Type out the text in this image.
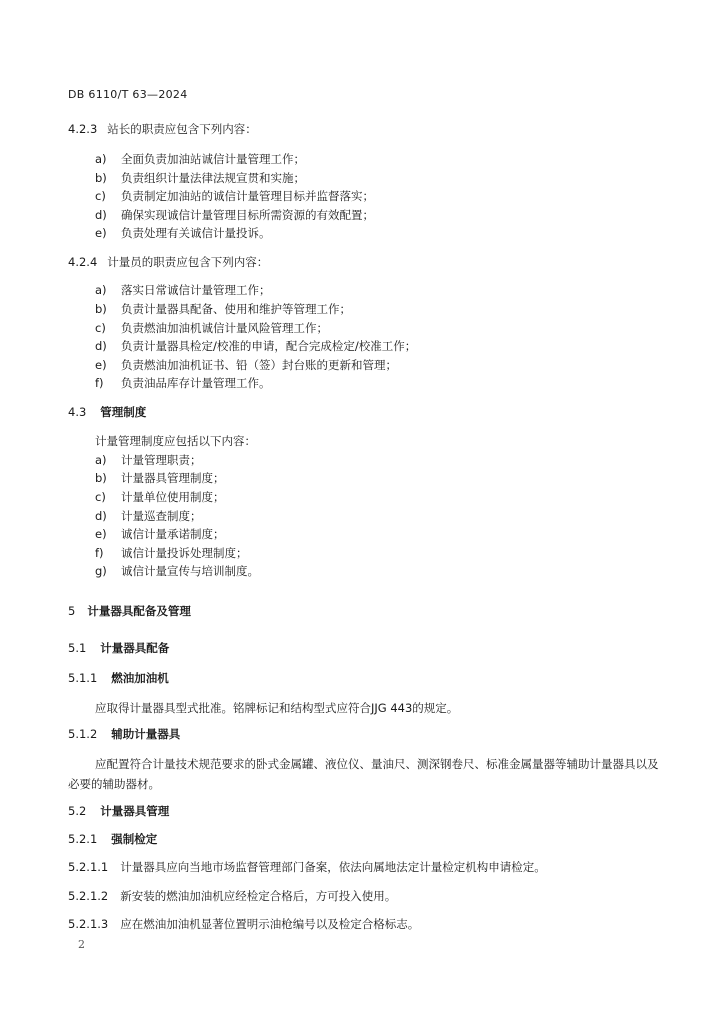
DB 6110/T 63—2024
4.2.3 站长的职责应包含下列内容：
a) 全面负责加油站诚信计量管理工作；
b) 负责组织计量法律法规宣贯和实施；
c) 负责制定加油站的诚信计量管理目标并监督落实；
d) 确保实现诚信计量管理目标所需资源的有效配置；
e) 负责处理有关诚信计量投诉。
4.2.4 计量员的职责应包含下列内容：
a) 落实日常诚信计量管理工作；
b) 负责计量器具配备、使用和维护等管理工作；
c) 负责燃油加油机诚信计量风险管理工作；
d) 负责计量器具检定/校准的申请，配合完成检定/校准工作；
e) 负责燃油加油机证书、铅（签）封台账的更新和管理；
f) 负责油品库存计量管理工作。
4.3 管理制度
计量管理制度应包括以下内容：
a) 计量管理职责；
b) 计量器具管理制度；
c) 计量单位使用制度；
d) 计量巡查制度；
e) 诚信计量承诺制度；
f) 诚信计量投诉处理制度；
g) 诚信计量宣传与培训制度。
5 计量器具配备及管理
5.1 计量器具配备
5.1.1 燃油加油机
应取得计量器具型式批准。铭牌标记和结构型式应符合JJG 443的规定。
5.1.2 辅助计量器具
应配置符合计量技术规范要求的卧式金属罐、液位仪、量油尺、测深钢卷尺、标准金属量器等辅助计量器具以及必要的辅助器材。
5.2 计量器具管理
5.2.1 强制检定
5.2.1.1 计量器具应向当地市场监督管理部门备案，依法向属地法定计量检定机构申请检定。
5.2.1.2 新安装的燃油加油机应经检定合格后，方可投入使用。
5.2.1.3 应在燃油加油机显著位置明示油枪编号以及检定合格标志。
2
